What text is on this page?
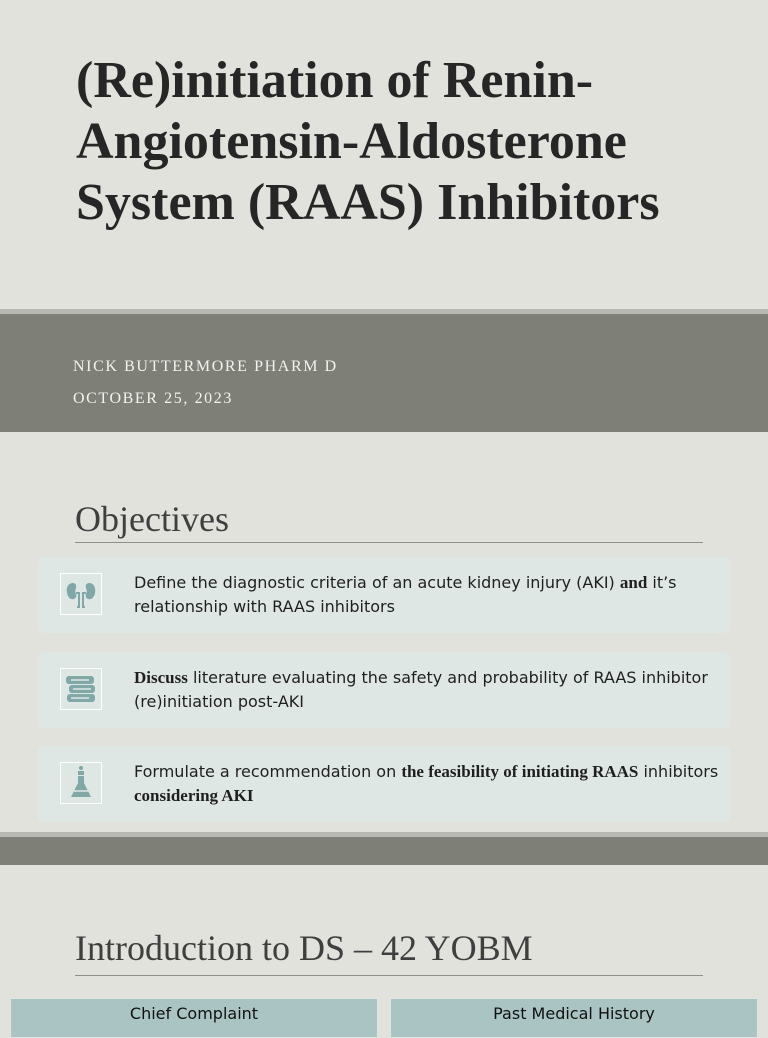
(Re)initiation of Renin-Angiotensin-Aldosterone System (RAAS) Inhibitors
NICK BUTTERMORE PHARM D
OCTOBER 25, 2023
Objectives
Define the diagnostic criteria of an acute kidney injury (AKI) and it’s relationship with RAAS inhibitors
Discuss literature evaluating the safety and probability of RAAS inhibitor (re)initiation post-AKI
Formulate a recommendation on the feasibility of initiating RAAS inhibitors considering AKI
Introduction to DS – 42 YOBM
Chief Complaint	Past Medical History
